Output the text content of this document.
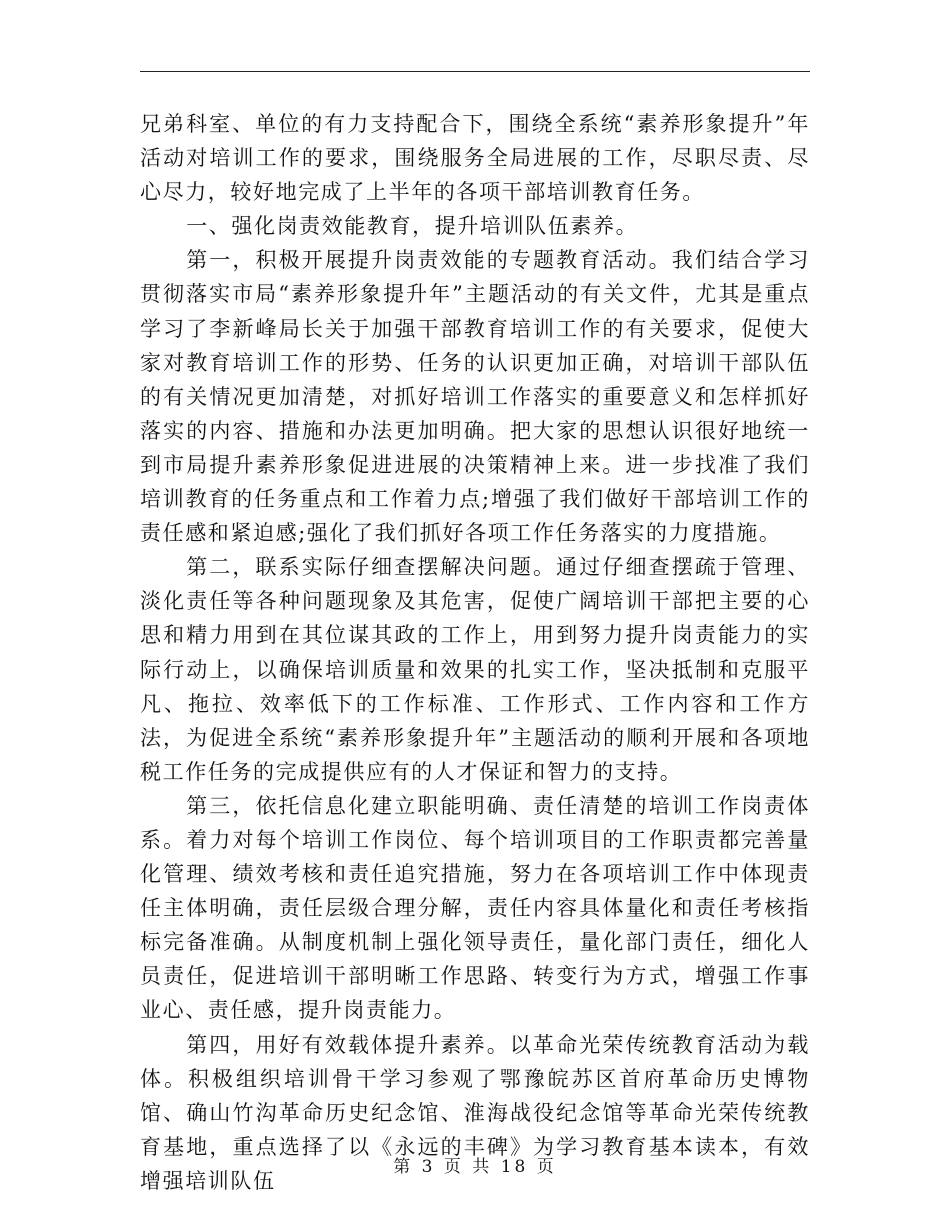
兄弟科室、单位的有力支持配合下，围绕全系统“素养形象提升”年活动对培训工作的要求，围绕服务全局进展的工作，尽职尽责、尽心尽力，较好地完成了上半年的各项干部培训教育任务。

一、强化岗责效能教育，提升培训队伍素养。

第一，积极开展提升岗责效能的专题教育活动。我们结合学习贯彻落实市局“素养形象提升年”主题活动的有关文件，尤其是重点学习了李新峰局长关于加强干部教育培训工作的有关要求，促使大家对教育培训工作的形势、任务的认识更加正确，对培训干部队伍的有关情况更加清楚，对抓好培训工作落实的重要意义和怎样抓好落实的内容、措施和办法更加明确。把大家的思想认识很好地统一到市局提升素养形象促进进展的决策精神上来。进一步找准了我们培训教育的任务重点和工作着力点;增强了我们做好干部培训工作的责任感和紧迫感;强化了我们抓好各项工作任务落实的力度措施。

第二，联系实际仔细查摆解决问题。通过仔细查摆疏于管理、淡化责任等各种问题现象及其危害，促使广阔培训干部把主要的心思和精力用到在其位谋其政的工作上，用到努力提升岗责能力的实际行动上，以确保培训质量和效果的扎实工作，坚决抵制和克服平凡、拖拉、效率低下的工作标准、工作形式、工作内容和工作方法，为促进全系统“素养形象提升年”主题活动的顺利开展和各项地税工作任务的完成提供应有的人才保证和智力的支持。

第三，依托信息化建立职能明确、责任清楚的培训工作岗责体系。着力对每个培训工作岗位、每个培训项目的工作职责都完善量化管理、绩效考核和责任追究措施，努力在各项培训工作中体现责任主体明确，责任层级合理分解，责任内容具体量化和责任考核指标完备准确。从制度机制上强化领导责任，量化部门责任，细化人员责任，促进培训干部明晰工作思路、转变行为方式，增强工作事业心、责任感，提升岗责能力。

第四，用好有效载体提升素养。以革命光荣传统教育活动为载体。积极组织培训骨干学习参观了鄂豫皖苏区首府革命历史博物馆、确山竹沟革命历史纪念馆、淮海战役纪念馆等革命光荣传统教育基地，重点选择了以《永远的丰碑》为学习教育基本读本，有效增强培训队伍

第 3 页 共 18 页
